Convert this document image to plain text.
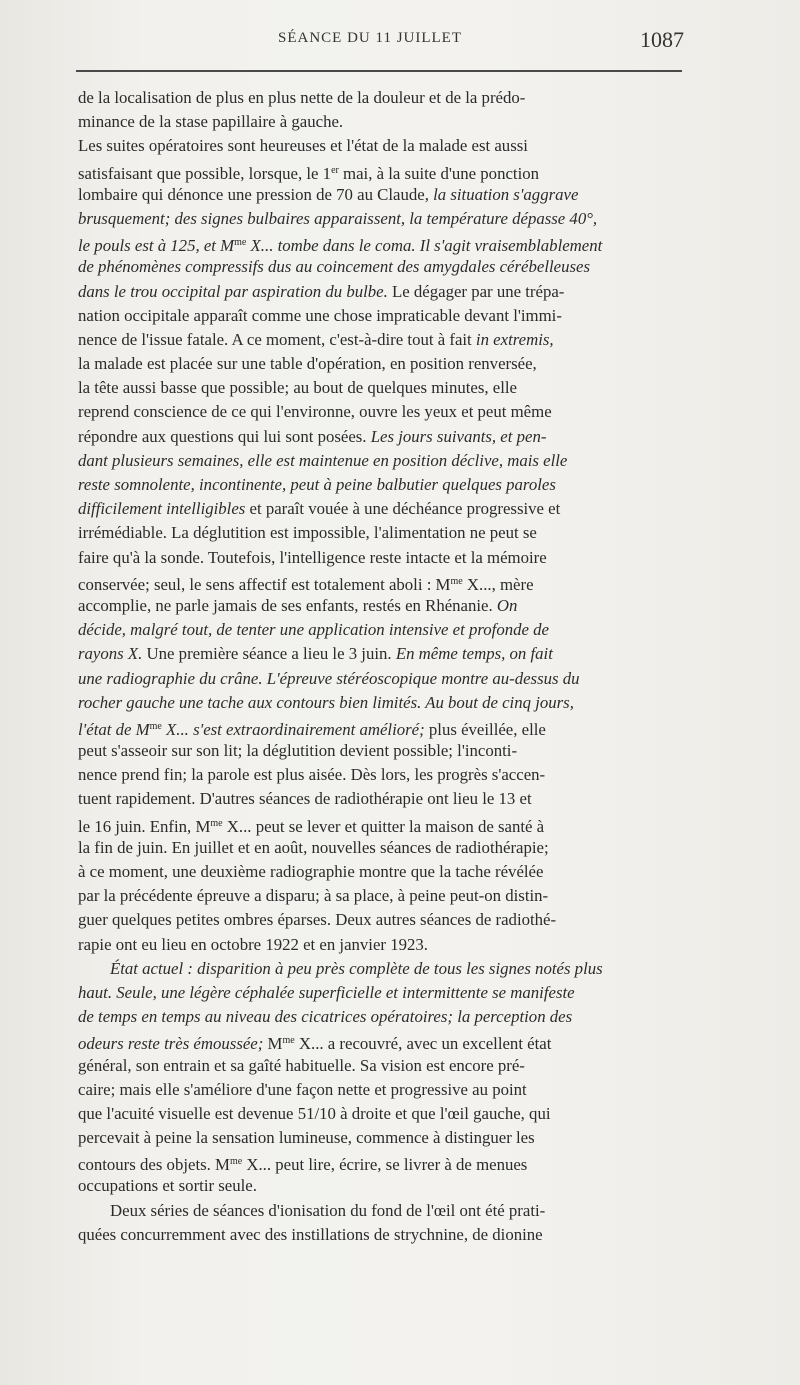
SÉANCE DU 11 JUILLET	1087
de la localisation de plus en plus nette de la douleur et de la prédo-
minance de la stase papillaire à gauche.
Les suites opératoires sont heureuses et l'état de la malade est aussi
satisfaisant que possible, lorsque, le 1er mai, à la suite d'une ponction
lombaire qui dénonce une pression de 70 au Claude, la situation s'aggrave
brusquement; des signes bulbaires apparaissent, la température dépasse 40°,
le pouls est à 125, et $M^{me}$ X... tombe dans le coma. Il s'agit vraisemblablement
de phénomènes compressifs dus au coincement des amygdales cérébelleuses
dans le trou occipital par aspiration du bulbe. Le dégager par une trépa-
nation occipitale apparaît comme une chose impraticable devant l'immi-
nence de l'issue fatale. A ce moment, c'est-à-dire tout à fait in extremis,
la malade est placée sur une table d'opération, en position renversée,
la tête aussi basse que possible; au bout de quelques minutes, elle
reprend conscience de ce qui l'environne, ouvre les yeux et peut même
répondre aux questions qui lui sont posées. Les jours suivants, et pen-
dant plusieurs semaines, elle est maintenue en position déclive, mais elle
reste somnolente, incontinente, peut à peine balbutier quelques paroles
difficilement intelligibles et paraît vouée à une déchéance progressive et
irrémédiable. La déglutition est impossible, l'alimentation ne peut se
faire qu'à la sonde. Toutefois, l'intelligence reste intacte et la mémoire
conservée; seul, le sens affectif est totalement aboli : $M^{me}$ X..., mère
accomplie, ne parle jamais de ses enfants, restés en Rhénanie. On
décide, malgré tout, de tenter une application intensive et profonde de
rayons X. Une première séance a lieu le 3 juin. En même temps, on fait
une radiographie du crâne. L'épreuve stéréoscopique montre au-dessus du
rocher gauche une tache aux contours bien limités. Au bout de cinq jours,
l'état de $M^{me}$ X... s'est extraordinairement amélioré; plus éveillée, elle
peut s'asseoir sur son lit; la déglutition devient possible; l'inconti-
nence prend fin; la parole est plus aisée. Dès lors, les progrès s'accen-
tuent rapidement. D'autres séances de radiothérapie ont lieu le 13 et
le 16 juin. Enfin, $M^{me}$ X... peut se lever et quitter la maison de santé à
la fin de juin. En juillet et en août, nouvelles séances de radiothérapie;
à ce moment, une deuxième radiographie montre que la tache révélée
par la précédente épreuve a disparu; à sa place, à peine peut-on distin-
guer quelques petites ombres éparses. Deux autres séances de radiothé-
rapie ont eu lieu en octobre 1922 et en janvier 1923.
État actuel : disparition à peu près complète de tous les signes notés plus
haut. Seule, une légère céphalée superficielle et intermittente se manifeste
de temps en temps au niveau des cicatrices opératoires; la perception des
odeurs reste très émoussée; $M^{me}$ X... a recouvré, avec un excellent état
général, son entrain et sa gaîté habituelle. Sa vision est encore pré-
caire; mais elle s'améliore d'une façon nette et progressive au point
que l'acuité visuelle est devenue 51/10 à droite et que l'œil gauche, qui
percevait à peine la sensation lumineuse, commence à distinguer les
contours des objets. $M^{me}$ X... peut lire, écrire, se livrer à de menues
occupations et sortir seule.
Deux séries de séances d'ionisation du fond de l'œil ont été prati-
quées concurremment avec des instillations de strychnine, de dionine
